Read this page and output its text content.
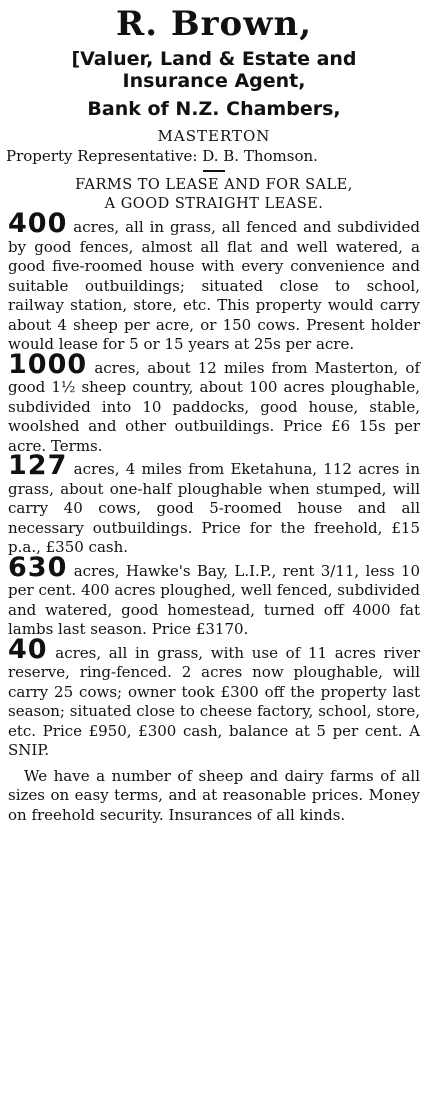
R. Brown,

[Valuer, Land & Estate and

Insurance Agent,

Bank of N.Z. Chambers,

MASTERTON

Property Representative: D. B. Thomson.

FARMS TO LEASE AND FOR SALE,

A GOOD STRAIGHT LEASE.

400 acres, all in grass, all fenced and subdivided by good fences, almost all flat and well watered, a good five-roomed house with every convenience and suitable outbuildings; situated close to school, railway station, store, etc. This property would carry about 4 sheep per acre, or 150 cows. Present holder would lease for 5 or 15 years at 25s per acre.

1000 acres, about 12 miles from Masterton, of good 1½ sheep country, about 100 acres ploughable, subdivided into 10 paddocks, good house, stable, woolshed and other outbuildings. Price £6 15s per acre. Terms.

127 acres, 4 miles from Eketahuna, 112 acres in grass, about one-half ploughable when stumped, will carry 40 cows, good 5-roomed house and all necessary outbuildings. Price for the freehold, £15 p.a., £350 cash.

630 acres, Hawke's Bay, L.I.P., rent 3/11, less 10 per cent. 400 acres ploughed, well fenced, subdivided and watered, good homestead, turned off 4000 fat lambs last season. Price £3170.

40 acres, all in grass, with use of 11 acres river reserve, ring-fenced. 2 acres now ploughable, will carry 25 cows; owner took £300 off the property last season; situated close to cheese factory, school, store, etc. Price £950, £300 cash, balance at 5 per cent. A SNIP.

We have a number of sheep and dairy farms of all sizes on easy terms, and at reasonable prices. Money on freehold security. Insurances of all kinds.
